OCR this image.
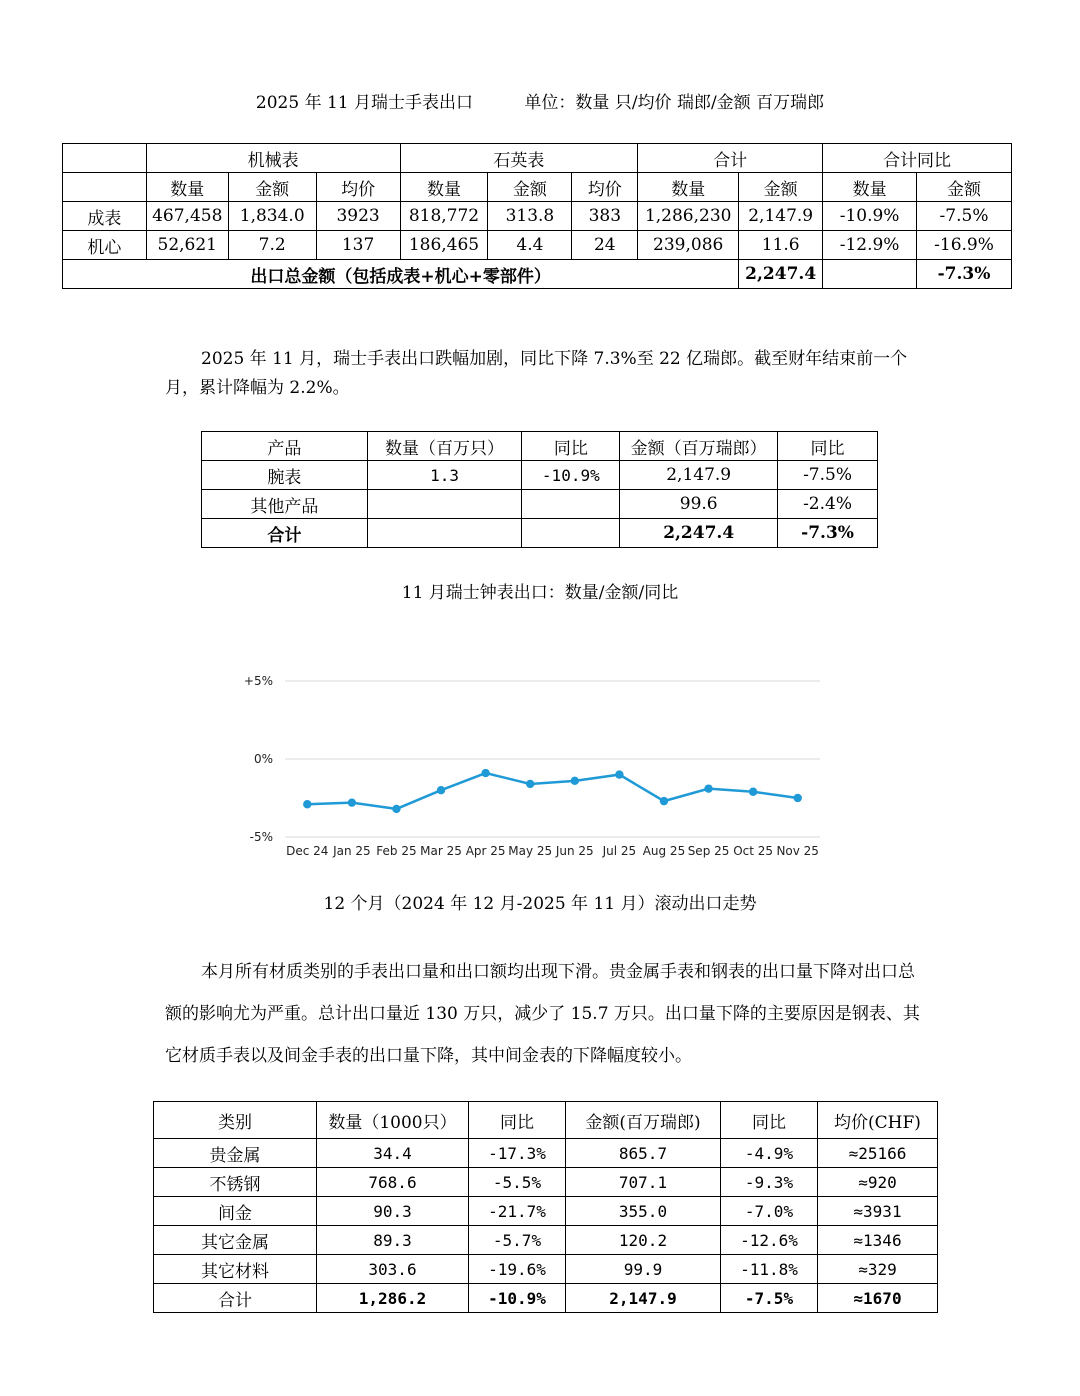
2025 年 11 月瑞士手表出口	单位：数量 只/均价 瑞郎/金额 百万瑞郎
	机械表			石英表			合计		合计同比	
	数量	金额	均价	数量	金额	均价	数量	金额	数量	金额
成表	467,458	1,834.0	3923	818,772	313.8	383	1,286,230	2,147.9	-10.9%	-7.5%
机心	52,621	7.2	137	186,465	4.4	24	239,086	11.6	-12.9%	-16.9%
出口总金额（包括成表+机心+零部件）								2,247.4		-7.3%
2025 年 11 月，瑞士手表出口跌幅加剧，同比下降 7.3%至 22 亿瑞郎。截至财年结束前一个月，累计降幅为 2.2%。
产品	数量（百万只）	同比	金额（百万瑞郎）	同比
腕表	1.3	-10.9%	2,147.9	-7.5%
其他产品			99.6	-2.4%
合计			2,247.4	-7.3%
11 月瑞士钟表出口：数量/金额/同比
+5%
0%
-5%
Dec 24 Jan 25 Feb 25 Mar 25 Apr 25 May 25 Jun 25 Jul 25 Aug 25 Sep 25 Oct 25 Nov 25
12 个月（2024 年 12 月-2025 年 11 月）滚动出口走势
本月所有材质类别的手表出口量和出口额均出现下滑。贵金属手表和钢表的出口量下降对出口总额的影响尤为严重。总计出口量近 130 万只，减少了 15.7 万只。出口量下降的主要原因是钢表、其它材质手表以及间金手表的出口量下降，其中间金表的下降幅度较小。
类别	数量（1000只）	同比	金额(百万瑞郎)	同比	均价(CHF)
贵金属	34.4	-17.3%	865.7	-4.9%	≈25166
不锈钢	768.6	-5.5%	707.1	-9.3%	≈920
间金	90.3	-21.7%	355.0	-7.0%	≈3931
其它金属	89.3	-5.7%	120.2	-12.6%	≈1346
其它材料	303.6	-19.6%	99.9	-11.8%	≈329
合计	1,286.2	-10.9%	2,147.9	-7.5%	≈1670
